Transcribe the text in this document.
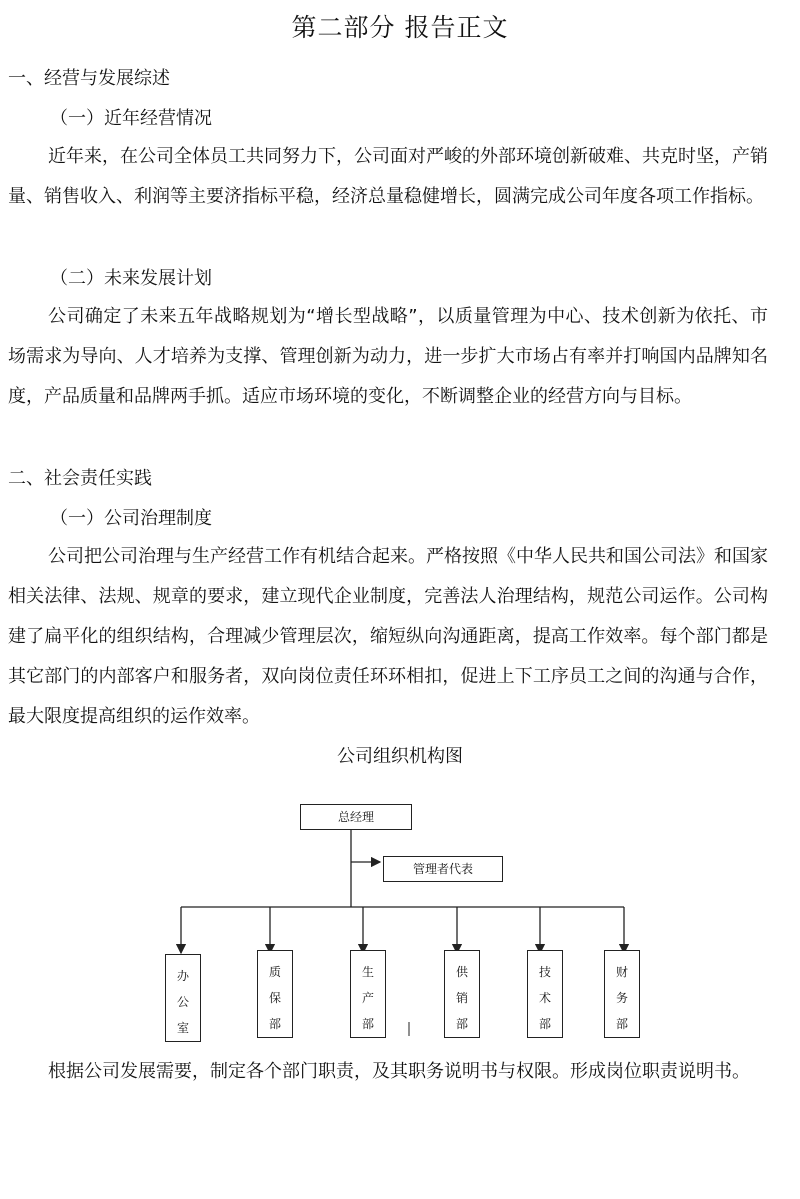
第二部分 报告正文
一、经营与发展综述
（一）近年经营情况
近年来，在公司全体员工共同努力下，公司面对严峻的外部环境创新破难、共克时坚，产销量、销售收入、利润等主要济指标平稳，经济总量稳健增长，圆满完成公司年度各项工作指标。
（二）未来发展计划
公司确定了未来五年战略规划为“增长型战略”，以质量管理为中心、技术创新为依托、市场需求为导向、人才培养为支撑、管理创新为动力，进一步扩大市场占有率并打响国内品牌知名度，产品质量和品牌两手抓。适应市场环境的变化，不断调整企业的经营方向与目标。
二、社会责任实践
（一）公司治理制度
公司把公司治理与生产经营工作有机结合起来。严格按照《中华人民共和国公司法》和国家相关法律、法规、规章的要求，建立现代企业制度，完善法人治理结构，规范公司运作。公司构建了扁平化的组织结构，合理减少管理层次，缩短纵向沟通距离，提高工作效率。每个部门都是其它部门的内部客户和服务者，双向岗位责任环环相扣，促进上下工序员工之间的沟通与合作，最大限度提高组织的运作效率。
公司组织机构图
总经理
管理者代表
办
公
室
质
保
部
生
产
部
供
销
部
技
术
部
财
务
部
根据公司发展需要，制定各个部门职责，及其职务说明书与权限。形成岗位职责说明书。
